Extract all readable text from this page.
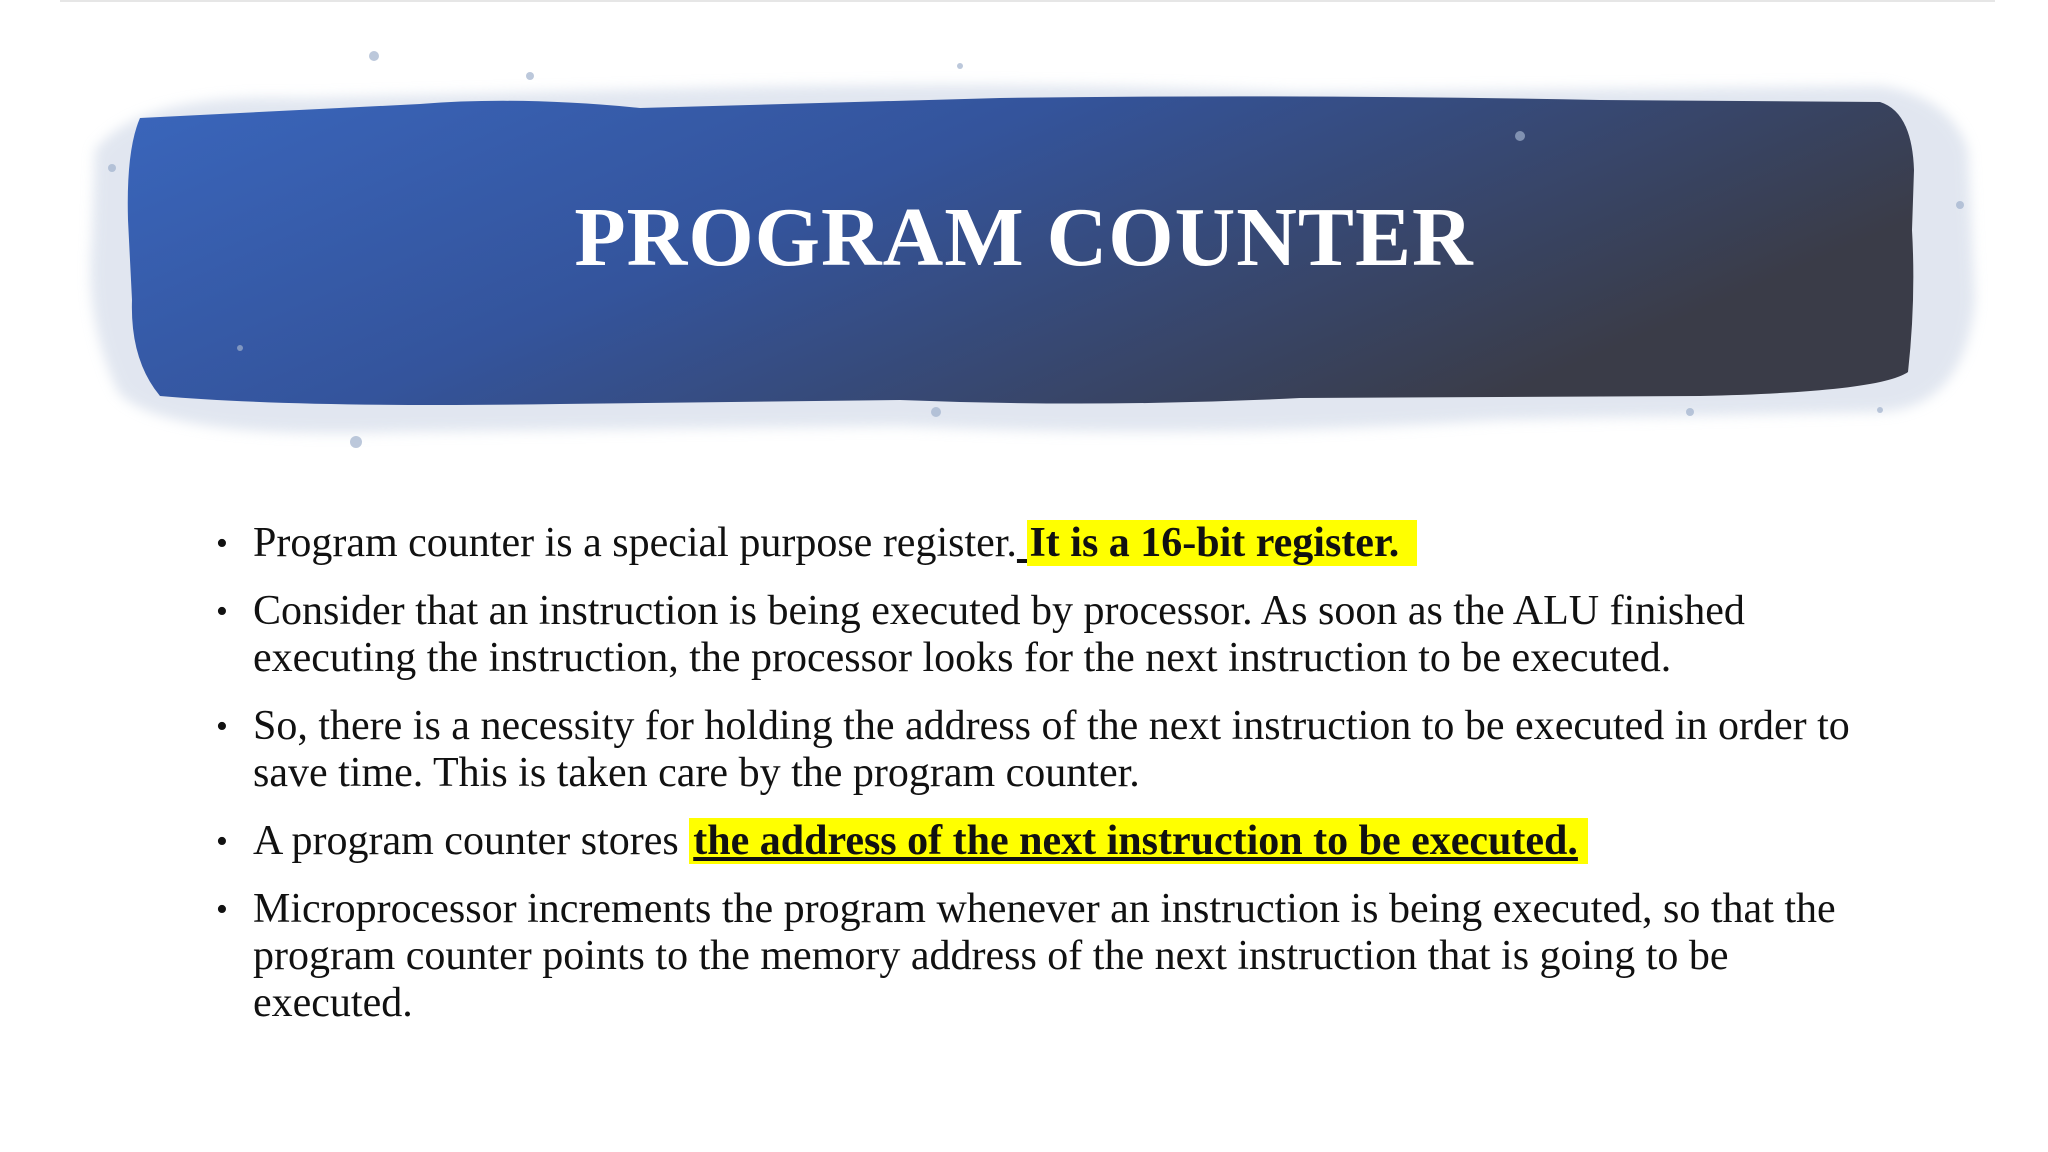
PROGRAM COUNTER
• Program counter is a special purpose register. It is a 16-bit register.
• Consider that an instruction is being executed by processor. As soon as the ALU finished executing the instruction, the processor looks for the next instruction to be executed.
• So, there is a necessity for holding the address of the next instruction to be executed in order to save time. This is taken care by the program counter.
• A program counter stores the address of the next instruction to be executed.
• Microprocessor increments the program whenever an instruction is being executed, so that the program counter points to the memory address of the next instruction that is going to be executed.
